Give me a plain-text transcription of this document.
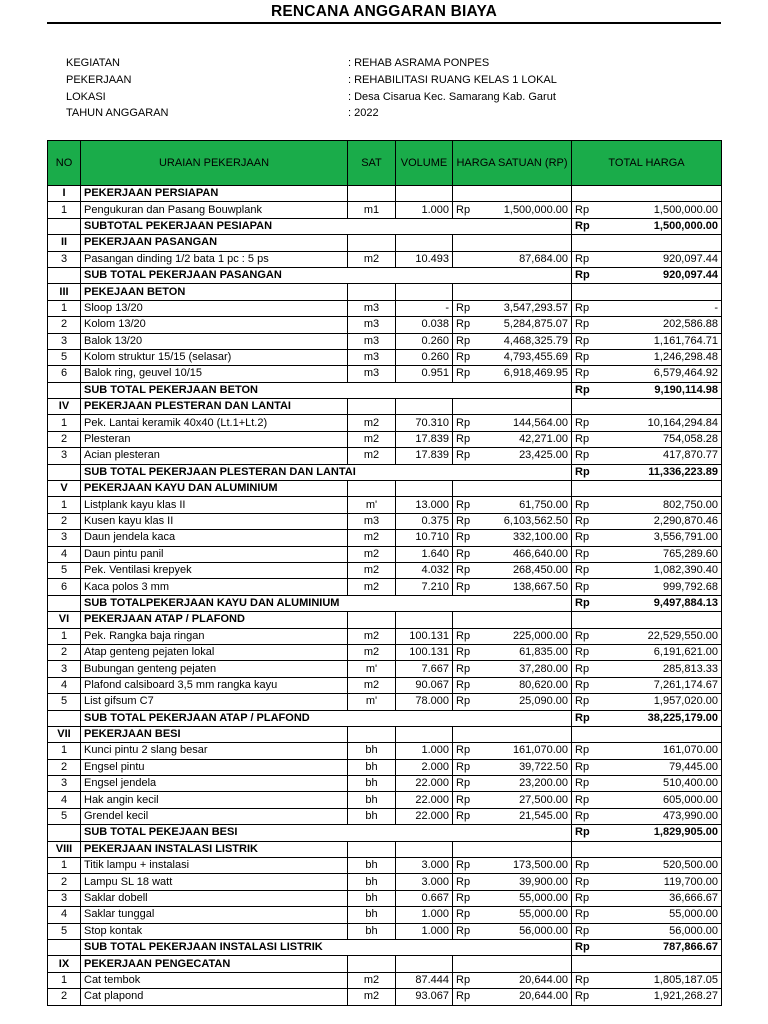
RENCANA ANGGARAN BIAYA
KEGIATAN	: REHAB ASRAMA PONPES
PEKERJAAN	: REHABILITASI RUANG KELAS 1 LOKAL
LOKASI	: Desa Cisarua Kec. Samarang Kab. Garut
TAHUN ANGGARAN	: 2022
NO	URAIAN PEKERJAAN	SAT	VOLUME	HARGA SATUAN (RP)		TOTAL HARGA	
I	PEKERJAAN PERSIAPAN						
1	Pengukuran dan Pasang Bouwplank	m1	1.000	Rp	1,500,000.00	Rp	1,500,000.00
	SUBTOTAL PEKERJAAN PESIAPAN					Rp	1,500,000.00
II	PEKERJAAN PASANGAN						
3	Pasangan dinding 1/2 bata 1 pc : 5 ps	m2	10.493		87,684.00	Rp	920,097.44
	SUB TOTAL PEKERJAAN PASANGAN					Rp	920,097.44
III	PEKEJAAN BETON						
1	Sloop 13/20	m3	-	Rp	3,547,293.57	Rp	-
2	Kolom 13/20	m3	0.038	Rp	5,284,875.07	Rp	202,586.88
3	Balok 13/20	m3	0.260	Rp	4,468,325.79	Rp	1,161,764.71
5	Kolom struktur 15/15 (selasar)	m3	0.260	Rp	4,793,455.69	Rp	1,246,298.48
6	Balok ring, geuvel 10/15	m3	0.951	Rp	6,918,469.95	Rp	6,579,464.92
	SUB TOTAL PEKERJAAN BETON					Rp	9,190,114.98
IV	PEKERJAAN PLESTERAN DAN LANTAI						
1	Pek. Lantai keramik 40x40 (Lt.1+Lt.2)	m2	70.310	Rp	144,564.00	Rp	10,164,294.84
2	Plesteran	m2	17.839	Rp	42,271.00	Rp	754,058.28
3	Acian plesteran	m2	17.839	Rp	23,425.00	Rp	417,870.77
	SUB TOTAL PEKERJAAN PLESTERAN DAN LANTAI					Rp	11,336,223.89
V	PEKERJAAN KAYU DAN ALUMINIUM						
1	Listplank kayu klas II	m'	13.000	Rp	61,750.00	Rp	802,750.00
2	Kusen kayu klas II	m3	0.375	Rp	6,103,562.50	Rp	2,290,870.46
3	Daun jendela kaca	m2	10.710	Rp	332,100.00	Rp	3,556,791.00
4	Daun pintu panil	m2	1.640	Rp	466,640.00	Rp	765,289.60
5	Pek. Ventilasi krepyek	m2	4.032	Rp	268,450.00	Rp	1,082,390.40
6	Kaca polos 3 mm	m2	7.210	Rp	138,667.50	Rp	999,792.68
	SUB TOTALPEKERJAAN KAYU DAN ALUMINIUM					Rp	9,497,884.13
VI	PEKERJAAN ATAP / PLAFOND						
1	Pek. Rangka baja ringan	m2	100.131	Rp	225,000.00	Rp	22,529,550.00
2	Atap genteng pejaten lokal	m2	100.131	Rp	61,835.00	Rp	6,191,621.00
3	Bubungan genteng pejaten	m'	7.667	Rp	37,280.00	Rp	285,813.33
4	Plafond calsiboard 3,5 mm rangka kayu	m2	90.067	Rp	80,620.00	Rp	7,261,174.67
5	List gifsum C7	m'	78.000	Rp	25,090.00	Rp	1,957,020.00
	SUB TOTAL PEKERJAAN ATAP / PLAFOND					Rp	38,225,179.00
VII	PEKERJAAN BESI						
1	Kunci pintu 2 slang besar	bh	1.000	Rp	161,070.00	Rp	161,070.00
2	Engsel pintu	bh	2.000	Rp	39,722.50	Rp	79,445.00
3	Engsel jendela	bh	22.000	Rp	23,200.00	Rp	510,400.00
4	Hak angin kecil	bh	22.000	Rp	27,500.00	Rp	605,000.00
5	Grendel kecil	bh	22.000	Rp	21,545.00	Rp	473,990.00
	SUB TOTAL PEKEJAAN BESI					Rp	1,829,905.00
VIII	PEKERJAAN INSTALASI LISTRIK						
1	Titik lampu + instalasi	bh	3.000	Rp	173,500.00	Rp	520,500.00
2	Lampu SL 18 watt	bh	3.000	Rp	39,900.00	Rp	119,700.00
3	Saklar dobell	bh	0.667	Rp	55,000.00	Rp	36,666.67
4	Saklar tunggal	bh	1.000	Rp	55,000.00	Rp	55,000.00
5	Stop kontak	bh	1.000	Rp	56,000.00	Rp	56,000.00
	SUB TOTAL PEKERJAAN INSTALASI LISTRIK					Rp	787,866.67
IX	PEKERJAAN PENGECATAN						
1	Cat tembok	m2	87.444	Rp	20,644.00	Rp	1,805,187.05
2	Cat plapond	m2	93.067	Rp	20,644.00	Rp	1,921,268.27
